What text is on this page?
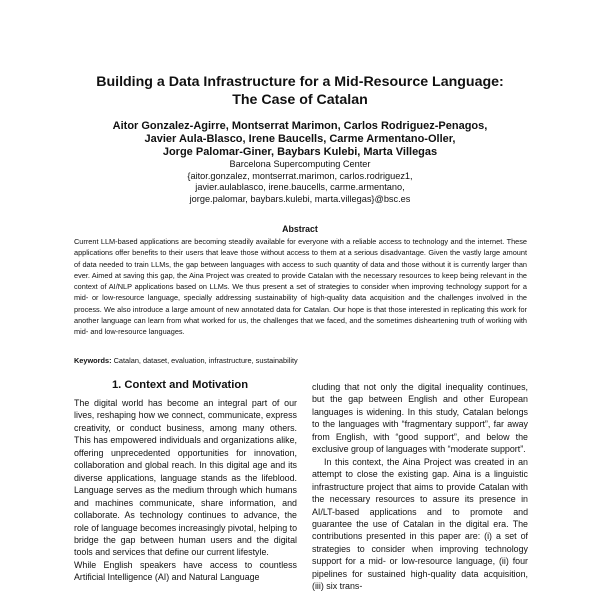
Building a Data Infrastructure for a Mid-Resource Language:
The Case of Catalan
Aitor Gonzalez-Agirre, Montserrat Marimon, Carlos Rodriguez-Penagos,
Javier Aula-Blasco, Irene Baucells, Carme Armentano-Oller,
Jorge Palomar-Giner, Baybars Kulebi, Marta Villegas
Barcelona Supercomputing Center
{aitor.gonzalez, montserrat.marimon, carlos.rodriguez1,
javier.aulablasco, irene.baucells, carme.armentano,
jorge.palomar, baybars.kulebi, marta.villegas}@bsc.es
Abstract
Current LLM-based applications are becoming steadily available for everyone with a reliable access to technology and the internet. These applications offer benefits to their users that leave those without access to them at a serious disadvantage. Given the vastly large amount of data needed to train LLMs, the gap between languages with access to such quantity of data and those without it is currently larger than ever. Aimed at saving this gap, the Aina Project was created to provide Catalan with the necessary resources to keep being relevant in the context of AI/NLP applications based on LLMs. We thus present a set of strategies to consider when improving technology support for a mid- or low-resource language, specially addressing sustainability of high-quality data acquisition and the challenges involved in the process. We also introduce a large amount of new annotated data for Catalan. Our hope is that those interested in replicating this work for another language can learn from what worked for us, the challenges that we faced, and the sometimes disheartening truth of working with mid- and low-resource languages.
Keywords: Catalan, dataset, evaluation, infrastructure, sustainability
1. Context and Motivation

The digital world has become an integral part of our lives, reshaping how we connect, communicate, express creativity, or conduct business, among many others. This has empowered individuals and organizations alike, offering unprecedented opportunities for innovation, collaboration and global reach. In this digital age and its diverse applications, language stands as the lifeblood. Language serves as the medium through which humans and machines communicate, share information, and collaborate. As technology continues to advance, the role of language becomes increasingly pivotal, helping to bridge the gap between human users and the digital tools and services that define our current lifestyle.

While English speakers have access to countless Artificial Intelligence (AI) and Natural Language

cluding that not only the digital inequality continues, but the gap between English and other European languages is widening. In this study, Catalan belongs to the languages with “fragmentary support”, far away from English, with “good support”, and below the exclusive group of languages with “moderate support”.

In this context, the Aina Project was created in an attempt to close the existing gap. Aina is a linguistic infrastructure project that aims to provide Catalan with the necessary resources to assure its presence in AI/LT-based applications and to promote and guarantee the use of Catalan in the digital era. The contributions presented in this paper are: (i) a set of strategies to consider when improving technology support for a mid- or low-resource language, (ii) four pipelines for sustained high-quality data acquisition, (iii) six trans-
